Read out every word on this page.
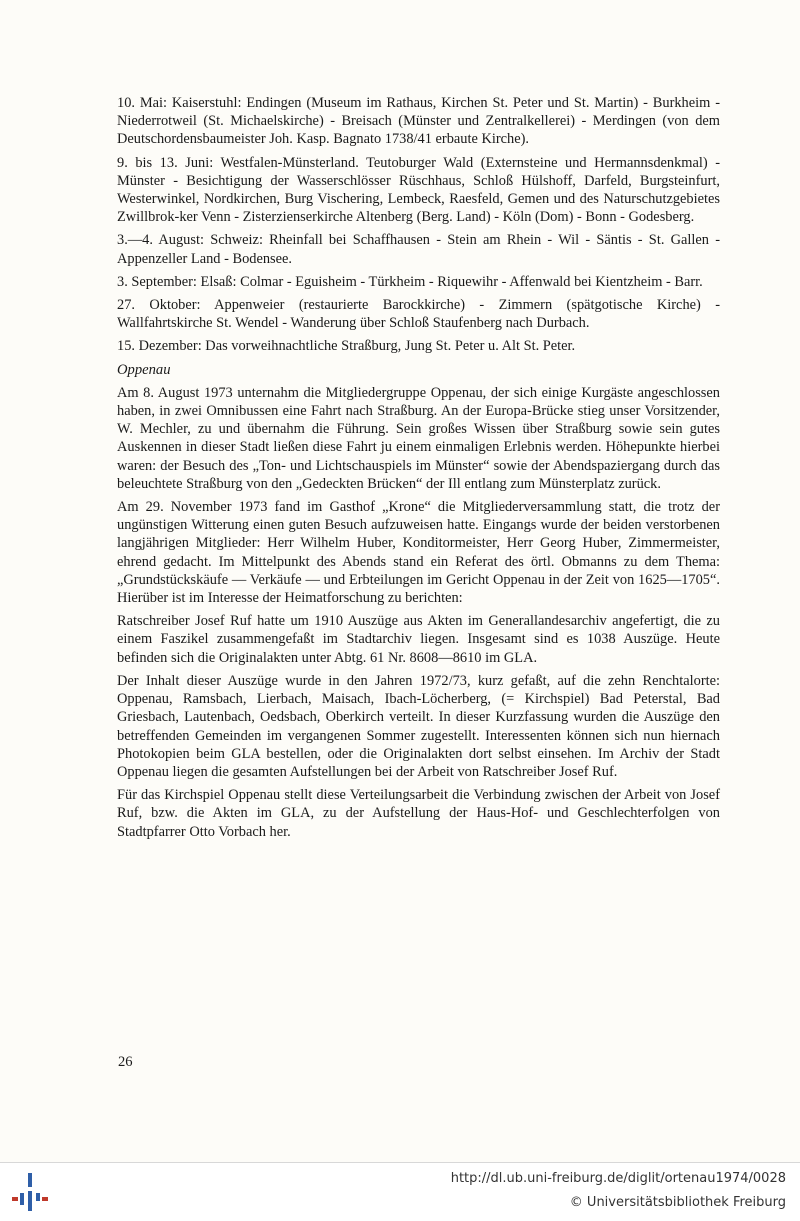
10. Mai: Kaiserstuhl: Endingen (Museum im Rathaus, Kirchen St. Peter und St. Martin) - Burkheim - Niederrotweil (St. Michaelskirche) - Breisach (Münster und Zentralkellerei) - Merdingen (von dem Deutschordensbaumeister Joh. Kasp. Bagnato 1738/41 erbaute Kirche).

9. bis 13. Juni: Westfalen-Münsterland. Teutoburger Wald (Externsteine und Hermannsdenkmal) - Münster - Besichtigung der Wasserschlösser Rüschhaus, Schloß Hülshoff, Darfeld, Burgsteinfurt, Westerwinkel, Nordkirchen, Burg Vischering, Lembeck, Raesfeld, Gemen und des Naturschutzgebietes Zwillbrok-ker Venn - Zisterzienserkirche Altenberg (Berg. Land) - Köln (Dom) - Bonn - Godesberg.

3.—4. August: Schweiz: Rheinfall bei Schaffhausen - Stein am Rhein - Wil - Säntis - St. Gallen - Appenzeller Land - Bodensee.

3. September: Elsaß: Colmar - Eguisheim - Türkheim - Riquewihr - Affenwald bei Kientzheim - Barr.

27. Oktober: Appenweier (restaurierte Barockkirche) - Zimmern (spätgotische Kirche) - Wallfahrtskirche St. Wendel - Wanderung über Schloß Staufenberg nach Durbach.

15. Dezember: Das vorweihnachtliche Straßburg, Jung St. Peter u. Alt St. Peter.

Oppenau

Am 8. August 1973 unternahm die Mitgliedergruppe Oppenau, der sich einige Kurgäste angeschlossen haben, in zwei Omnibussen eine Fahrt nach Straßburg. An der Europa-Brücke stieg unser Vorsitzender, W. Mechler, zu und übernahm die Führung. Sein großes Wissen über Straßburg sowie sein gutes Auskennen in dieser Stadt ließen diese Fahrt ju einem einmaligen Erlebnis werden. Höhepunkte hierbei waren: der Besuch des „Ton- und Lichtschauspiels im Münster“ sowie der Abendspaziergang durch das beleuchtete Straßburg von den „Gedeckten Brücken“ der Ill entlang zum Münsterplatz zurück.

Am 29. November 1973 fand im Gasthof „Krone“ die Mitgliederversammlung statt, die trotz der ungünstigen Witterung einen guten Besuch aufzuweisen hatte. Eingangs wurde der beiden verstorbenen langjährigen Mitglieder: Herr Wilhelm Huber, Konditormeister, Herr Georg Huber, Zimmermeister, ehrend gedacht. Im Mittelpunkt des Abends stand ein Referat des örtl. Obmanns zu dem Thema: „Grundstückskäufe — Verkäufe — und Erbteilungen im Gericht Oppenau in der Zeit von 1625—1705“. Hierüber ist im Interesse der Heimatforschung zu berichten:

Ratschreiber Josef Ruf hatte um 1910 Auszüge aus Akten im Generallandesarchiv angefertigt, die zu einem Faszikel zusammengefaßt im Stadtarchiv liegen. Insgesamt sind es 1038 Auszüge. Heute befinden sich die Originalakten unter Abtg. 61 Nr. 8608—8610 im GLA.

Der Inhalt dieser Auszüge wurde in den Jahren 1972/73, kurz gefaßt, auf die zehn Renchtalorte: Oppenau, Ramsbach, Lierbach, Maisach, Ibach-Löcherberg, (= Kirchspiel) Bad Peterstal, Bad Griesbach, Lautenbach, Oedsbach, Oberkirch verteilt. In dieser Kurzfassung wurden die Auszüge den betreffenden Gemeinden im vergangenen Sommer zugestellt. Interessenten können sich nun hiernach Photokopien beim GLA bestellen, oder die Originalakten dort selbst einsehen. Im Archiv der Stadt Oppenau liegen die gesamten Aufstellungen bei der Arbeit von Ratschreiber Josef Ruf.

Für das Kirchspiel Oppenau stellt diese Verteilungsarbeit die Verbindung zwischen der Arbeit von Josef Ruf, bzw. die Akten im GLA, zu der Aufstellung der Haus-Hof- und Geschlechterfolgen von Stadtpfarrer Otto Vorbach her.

26
http://dl.ub.uni-freiburg.de/diglit/ortenau1974/0028
© Universitätsbibliothek Freiburg
